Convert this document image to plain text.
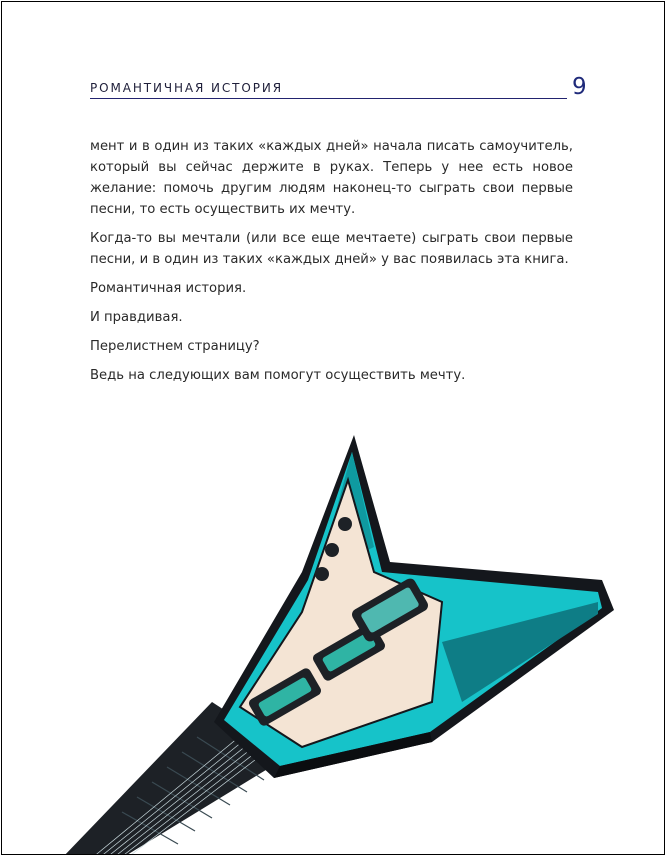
РОМАНТИЧНАЯ ИСТОРИЯ	9

мент и в один из таких «каждых дней» начала писать самоучитель, который вы сейчас держите в руках. Теперь у нее есть новое желание: помочь другим людям наконец-то сыграть свои первые песни, то есть осуществить их мечту.

Когда-то вы мечтали (или все еще мечтаете) сыграть свои первые песни, и в один из таких «каждых дней» у вас появилась эта книга.

Романтичная история.

И правдивая.

Перелистнем страницу?

Ведь на следующих вам помогут осуществить мечту.
